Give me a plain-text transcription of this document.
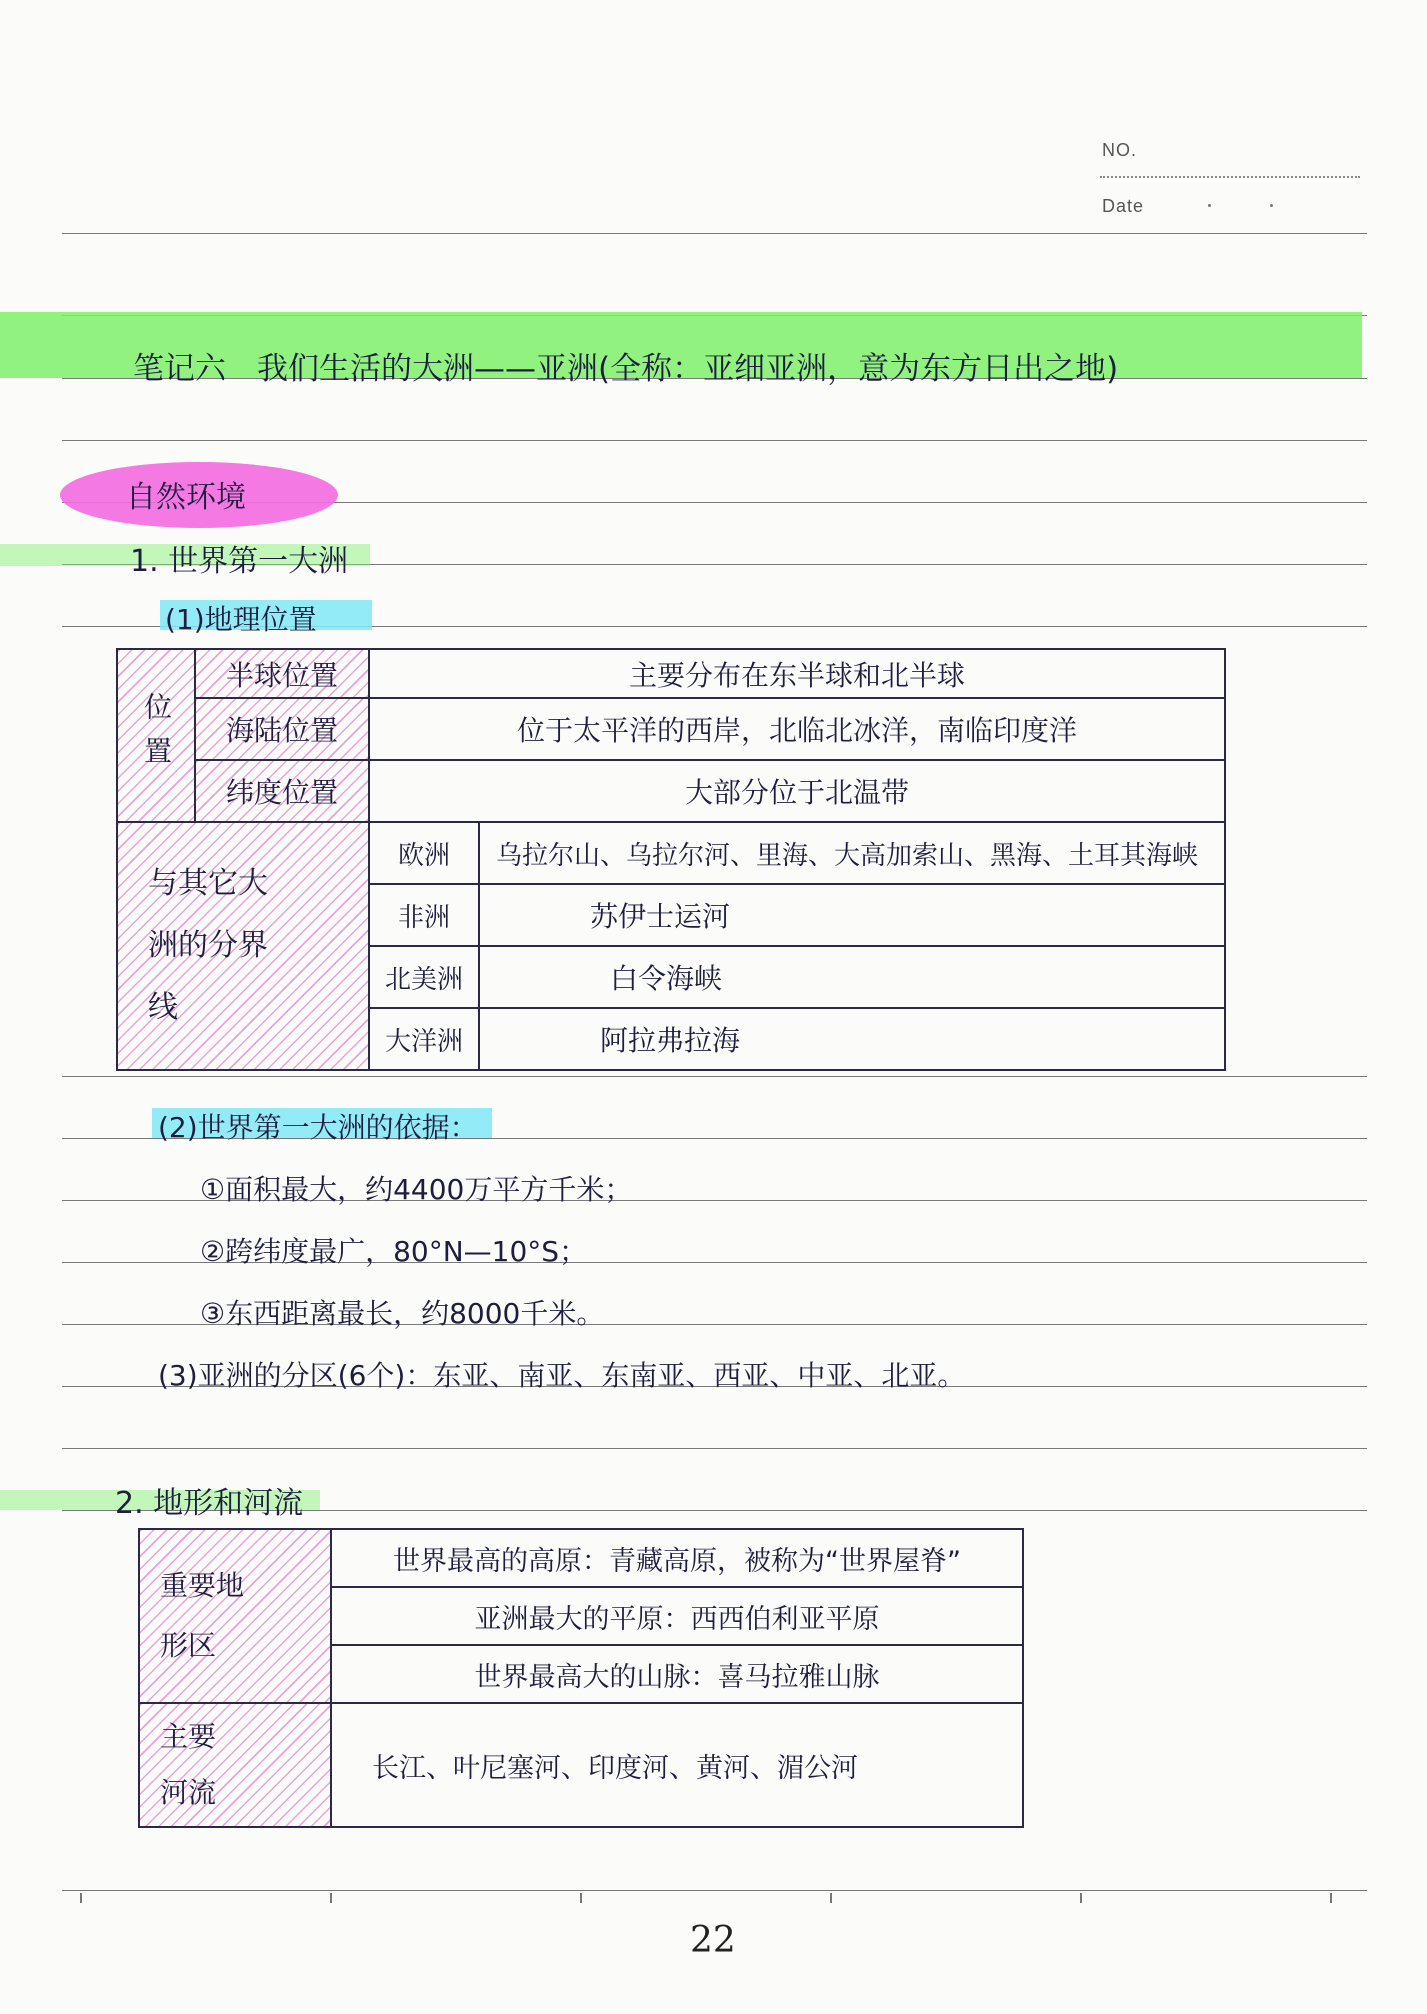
NO.
Date
笔记六　我们生活的大洲——亚洲(全称：亚细亚洲，意为东方日出之地)
自然环境
1. 世界第一大洲
(1)地理位置
位置	半球位置	主要分布在东半球和北半球	
	海陆位置	位于太平洋的西岸，北临北冰洋，南临印度洋	
	纬度位置	大部分位于北温带	

与其它大洲的分界线		欧洲	乌拉尔山、乌拉尔河、里海、大高加索山、黑海、土耳其海峡
		非洲	苏伊士运河
		北美洲	白令海峡
		大洋洲	阿拉弗拉海
(2)世界第一大洲的依据：
①面积最大，约4400万平方千米；
②跨纬度最广，80°N—10°S；
③东西距离最长，约8000千米。
(3)亚洲的分区(6个)：东亚、南亚、东南亚、西亚、中亚、北亚。
2. 地形和河流
重要地形区	世界最高的高原：青藏高原，被称为“世界屋脊”
	亚洲最大的平原：西西伯利亚平原
	世界最高大的山脉：喜马拉雅山脉

主要河流	长江、叶尼塞河、印度河、黄河、湄公河
22
